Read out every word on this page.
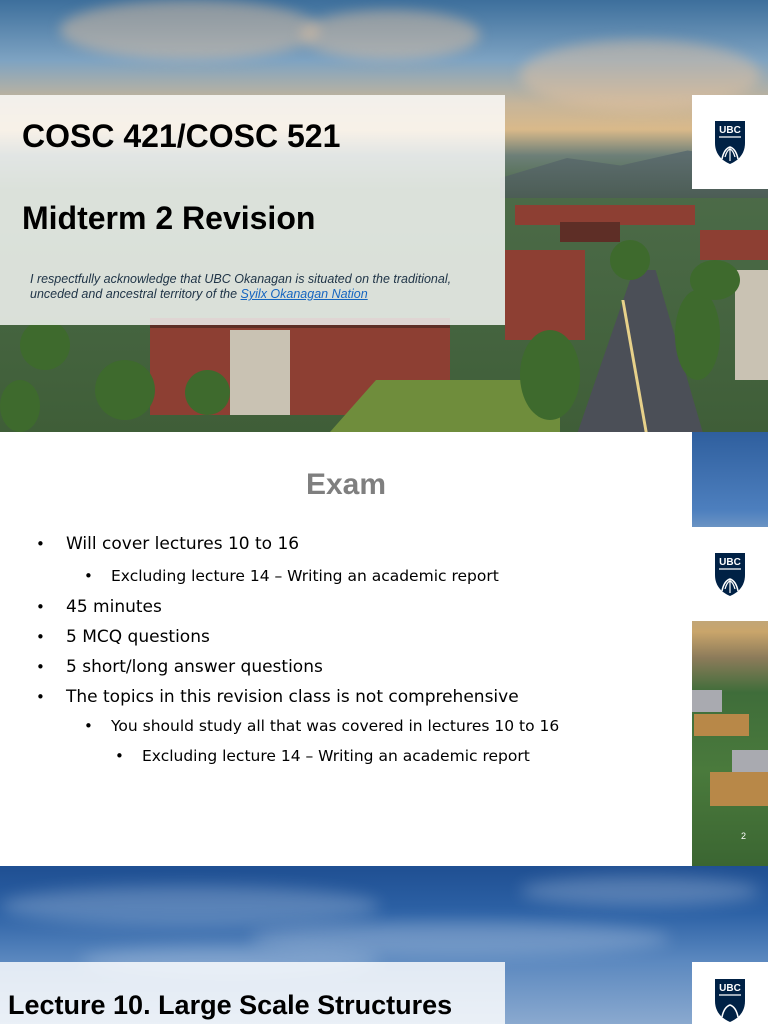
COSC 421/COSC 521
Midterm 2 Revision

I respectfully acknowledge that UBC Okanagan is situated on the traditional, unceded and ancestral territory of the Syilx Okanagan Nation

UBC
UBC
Exam
• Will cover lectures 10 to 16
• Excluding lecture 14 – Writing an academic report
• 45 minutes
• 5 MCQ questions
• 5 short/long answer questions
• The topics in this revision class is not comprehensive
• You should study all that was covered in lectures 10 to 16
• Excluding lecture 14 – Writing an academic report
2
Lecture 10. Large Scale Structures
UBC
